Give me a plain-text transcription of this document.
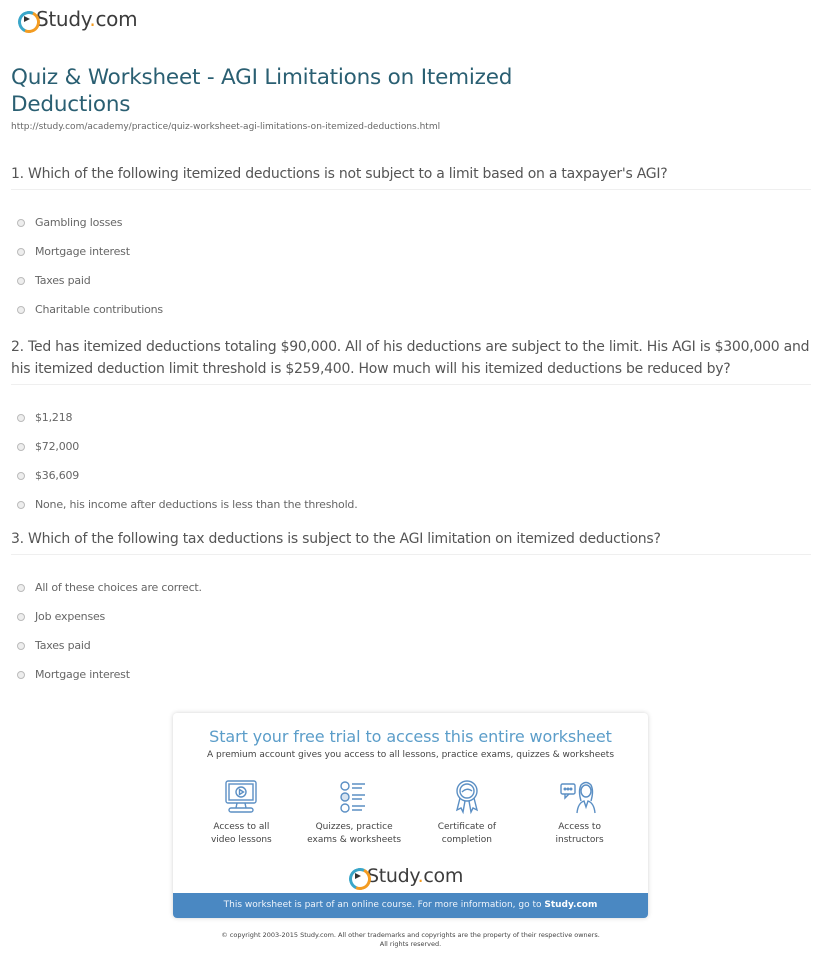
Study.com
Quiz & Worksheet - AGI Limitations on Itemized Deductions
http://study.com/academy/practice/quiz-worksheet-agi-limitations-on-itemized-deductions.html
1. Which of the following itemized deductions is not subject to a limit based on a taxpayer's AGI?
Gambling losses
Mortgage interest
Taxes paid
Charitable contributions
2. Ted has itemized deductions totaling $90,000. All of his deductions are subject to the limit. His AGI is $300,000 and his itemized deduction limit threshold is $259,400. How much will his itemized deductions be reduced by?
$1,218
$72,000
$36,609
None, his income after deductions is less than the threshold.
3. Which of the following tax deductions is subject to the AGI limitation on itemized deductions?
All of these choices are correct.
Job expenses
Taxes paid
Mortgage interest
Start your free trial to access this entire worksheet
A premium account gives you access to all lessons, practice exams, quizzes & worksheets
Access to all
video lessons
Quizzes, practice
exams & worksheets
Certificate of
completion
Access to
instructors
Study.com
This worksheet is part of an online course. For more information, go to Study.com
© copyright 2003-2015 Study.com. All other trademarks and copyrights are the property of their respective owners.
All rights reserved.
